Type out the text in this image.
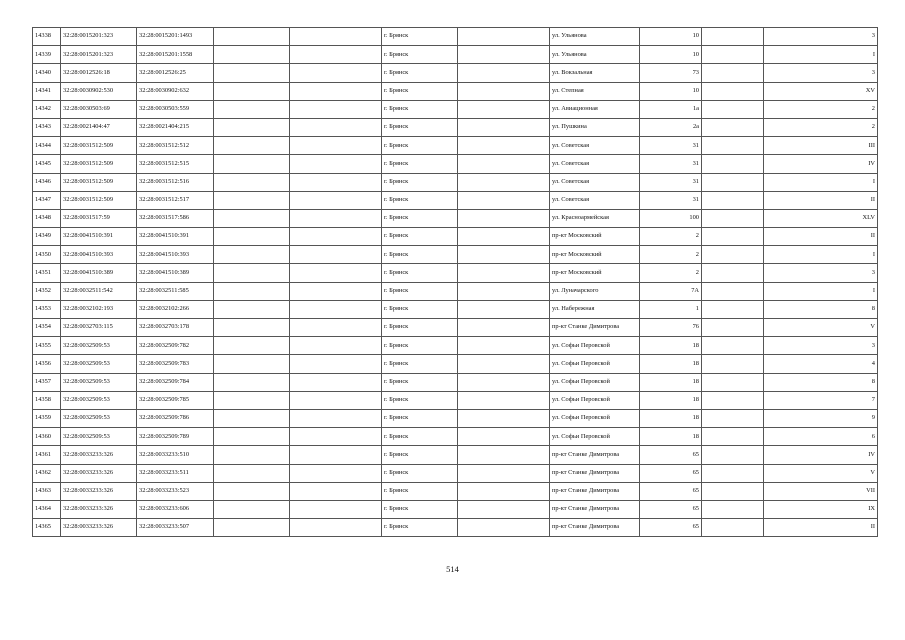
14338	32:28:0015201:323	32:28:0015201:1493			г. Брянск		ул. Ульянова	10		3
14339	32:28:0015201:323	32:28:0015201:1558			г. Брянск		ул. Ульянова	10		I
14340	32:28:0012526:18	32:28:0012526:25			г. Брянск		ул. Вокзальная	73		3
14341	32:28:0030902:530	32:28:0030902:632			г. Брянск		ул. Степная	10		XV
14342	32:28:0030503:69	32:28:0030503:559			г. Брянск		ул. Авиационная	1а		2
14343	32:28:0021404:47	32:28:0021404:215			г. Брянск		ул. Пушкина	2а		2
14344	32:28:0031512:509	32:28:0031512:512			г. Брянск		ул. Советская	31		III
14345	32:28:0031512:509	32:28:0031512:515			г. Брянск		ул. Советская	31		IV
14346	32:28:0031512:509	32:28:0031512:516			г. Брянск		ул. Советская	31		I
14347	32:28:0031512:509	32:28:0031512:517			г. Брянск		ул. Советская	31		II
14348	32:28:0031517:59	32:28:0031517:586			г. Брянск		ул. Красноармейская	100		XLV
14349	32:28:0041510:391	32:28:0041510:391			г. Брянск		пр-кт Московский	2		II
14350	32:28:0041510:393	32:28:0041510:393			г. Брянск		пр-кт Московский	2		I
14351	32:28:0041510:389	32:28:0041510:389			г. Брянск		пр-кт Московский	2		3
14352	32:28:0032511:542	32:28:0032511:585			г. Брянск		ул. Луначарского	7А		I
14353	32:28:0032102:193	32:28:0032102:266			г. Брянск		ул. Набережная	1		8
14354	32:28:0032703:115	32:28:0032703:178			г. Брянск		пр-кт Станке Димитрова	76		V
14355	32:28:0032509:53	32:28:0032509:782			г. Брянск		ул. Софьи Перовской	18		3
14356	32:28:0032509:53	32:28:0032509:783			г. Брянск		ул. Софьи Перовской	18		4
14357	32:28:0032509:53	32:28:0032509:784			г. Брянск		ул. Софьи Перовской	18		8
14358	32:28:0032509:53	32:28:0032509:785			г. Брянск		ул. Софьи Перовской	18		7
14359	32:28:0032509:53	32:28:0032509:786			г. Брянск		ул. Софьи Перовской	18		9
14360	32:28:0032509:53	32:28:0032509:789			г. Брянск		ул. Софьи Перовской	18		6
14361	32:28:0033233:326	32:28:0033233:510			г. Брянск		пр-кт Станке Димитрова	65		IV
14362	32:28:0033233:326	32:28:0033233:511			г. Брянск		пр-кт Станке Димитрова	65		V
14363	32:28:0033233:326	32:28:0033233:523			г. Брянск		пр-кт Станке Димитрова	65		VII
14364	32:28:0033233:326	32:28:0033233:606			г. Брянск		пр-кт Станке Димитрова	65		IX
14365	32:28:0033233:326	32:28:0033233:507			г. Брянск		пр-кт Станке Димитрова	65		II
514
